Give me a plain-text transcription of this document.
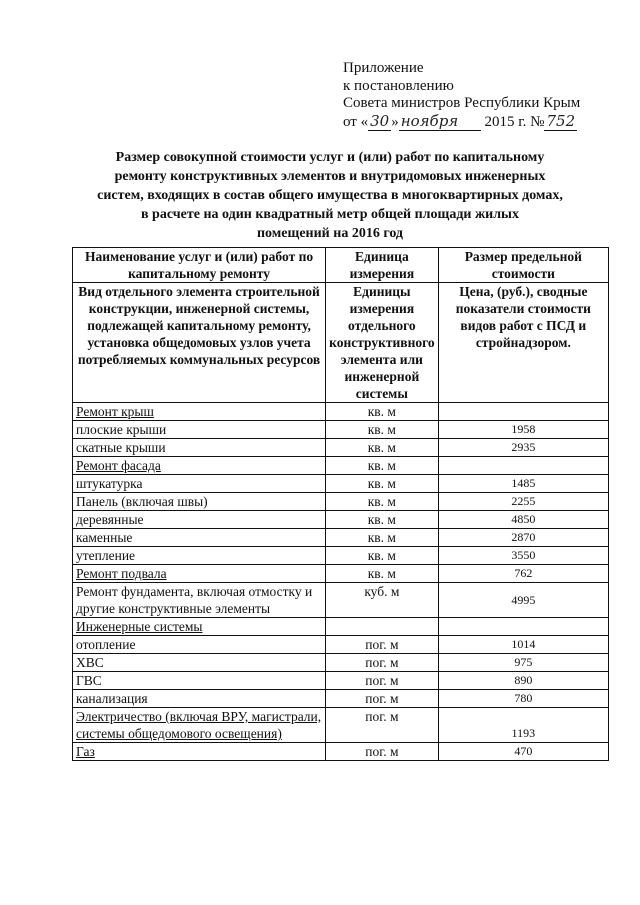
Приложение
к постановлению
Совета министров Республики Крым
от « 30 » ноября 2015 г. № 752
Размер совокупной стоимости услуг и (или) работ по капитальному
ремонту конструктивных элементов и внутридомовых инженерных
систем, входящих в состав общего имущества в многоквартирных домах,
в расчете на один квадратный метр общей площади жилых
помещений на 2016 год
Наименование услуг и (или) работ по капитальному ремонту	Единица измерения	Размер предельной стоимости
Вид отдельного элемента строительной конструкции, инженерной системы, подлежащей капитальному ремонту, установка общедомовых узлов учета потребляемых коммунальных ресурсов	Единицы измерения отдельного конструктивного элемента или инженерной системы	Цена, (руб.), сводные показатели стоимости видов работ с ПСД и стройнадзором.
Ремонт крыш	кв. м	
плоские крыши	кв. м	1958
скатные крыши	кв. м	2935
Ремонт фасада	кв. м	
штукатурка	кв. м	1485
Панель (включая швы)	кв. м	2255
деревянные	кв. м	4850
каменные	кв. м	2870
утепление	кв. м	3550
Ремонт подвала	кв. м	762
Ремонт фундамента, включая отмостку и другие конструктивные элементы	куб. м	4995
Инженерные системы		
отопление	пог. м	1014
ХВС	пог. м	975
ГВС	пог. м	890
канализация	пог. м	780
Электричество (включая ВРУ, магистрали, системы общедомового освещения)	пог. м	1193
Газ	пог. м	470
